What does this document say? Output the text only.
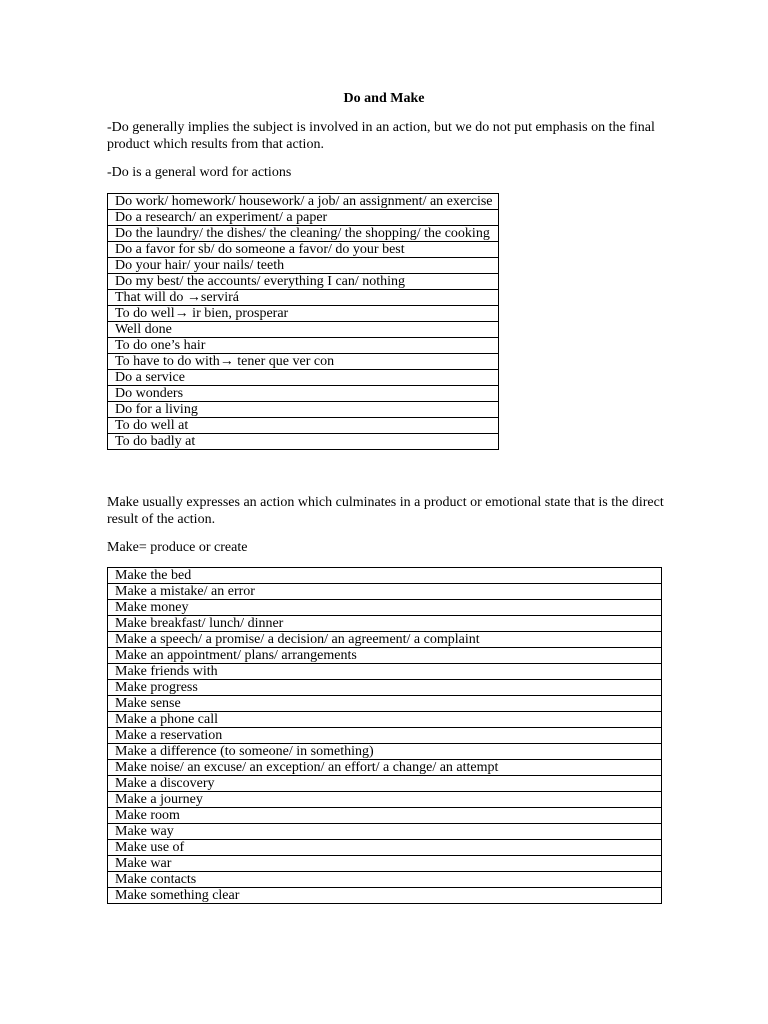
Do and Make

-Do generally implies the subject is involved in an action, but we do not put emphasis on the final product which results from that action.

-Do is a general word for actions

Do work/ homework/ housework/ a job/ an assignment/ an exercise
Do a research/ an experiment/ a paper
Do the laundry/ the dishes/ the cleaning/ the shopping/ the cooking
Do a favor for sb/ do someone a favor/ do your best
Do your hair/ your nails/ teeth
Do my best/ the accounts/ everything I can/ nothing
That will do →servirá
To do well→ ir bien, prosperar
Well done
To do one’s hair
To have to do with→ tener que ver con
Do a service
Do wonders
Do for a living
To do well at
To do badly at

Make usually expresses an action which culminates in a product or emotional state that is the direct result of the action.

Make= produce or create

Make the bed
Make a mistake/ an error
Make money
Make breakfast/ lunch/ dinner
Make a speech/ a promise/ a decision/ an agreement/ a complaint
Make an appointment/ plans/ arrangements
Make friends with
Make progress
Make sense
Make a phone call
Make a reservation
Make a difference (to someone/ in something)
Make noise/ an excuse/ an exception/ an effort/ a change/ an attempt
Make a discovery
Make a journey
Make room
Make way
Make use of
Make war
Make contacts
Make something clear
